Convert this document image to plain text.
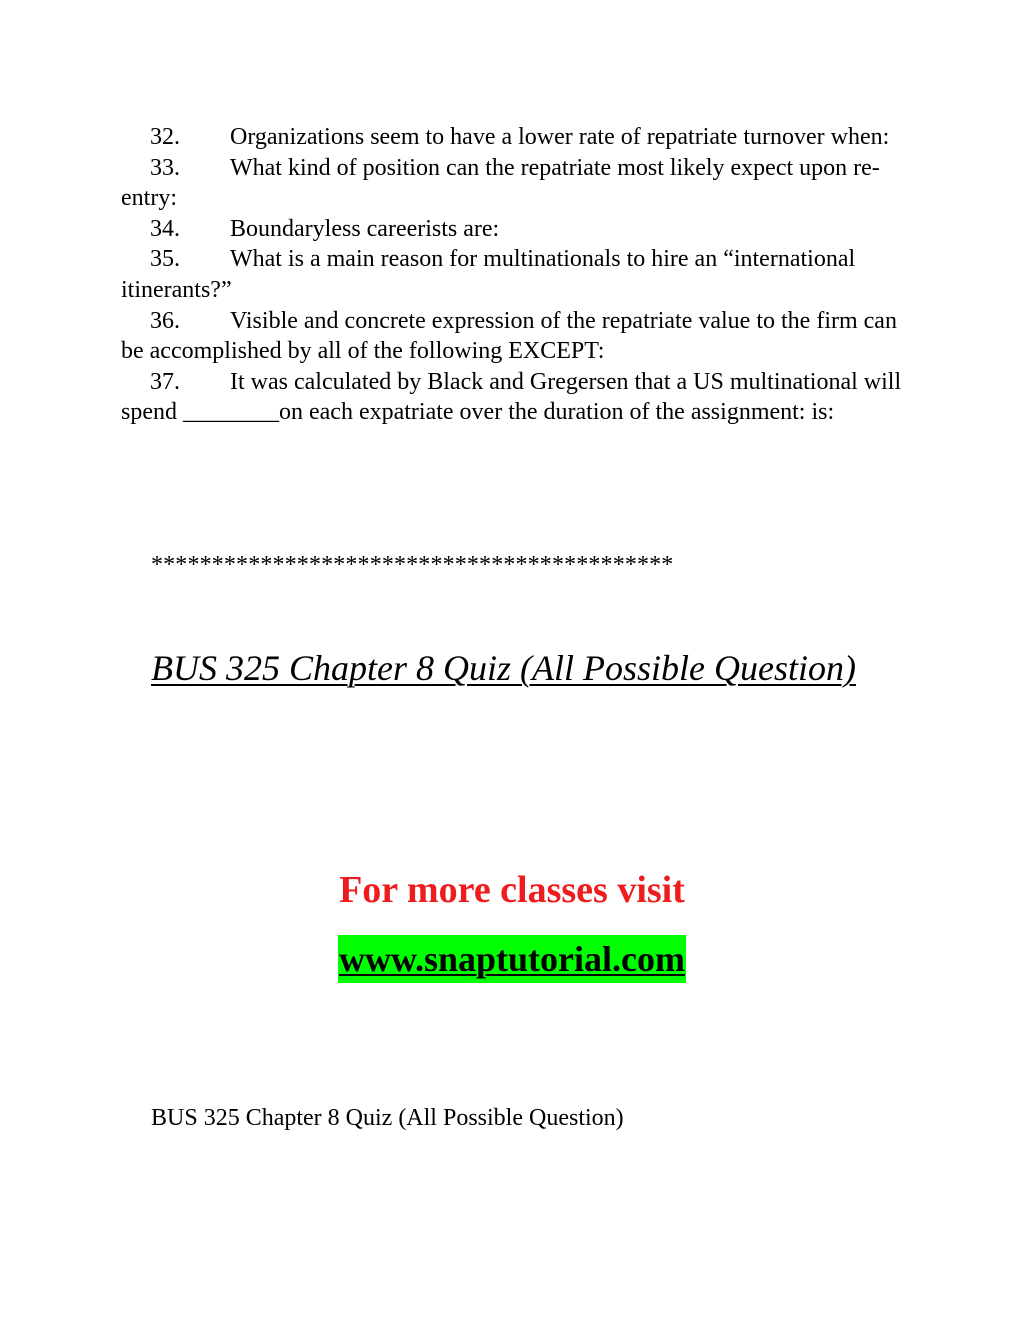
32. Organizations seem to have a lower rate of repatriate turnover when:

33. What kind of position can the repatriate most likely expect upon re-entry:

34. Boundaryless careerists are:

35. What is a main reason for multinationals to hire an “international itinerants?”

36. Visible and concrete expression of the repatriate value to the firm can be accomplished by all of the following EXCEPT:

37. It was calculated by Black and Gregersen that a US multinational will spend ________on each expatriate over the duration of the assignment: is:

*******************************************
BUS 325 Chapter 8 Quiz (All Possible Question)
For more classes visit
www.snaptutorial.com
BUS 325 Chapter 8 Quiz (All Possible Question)
